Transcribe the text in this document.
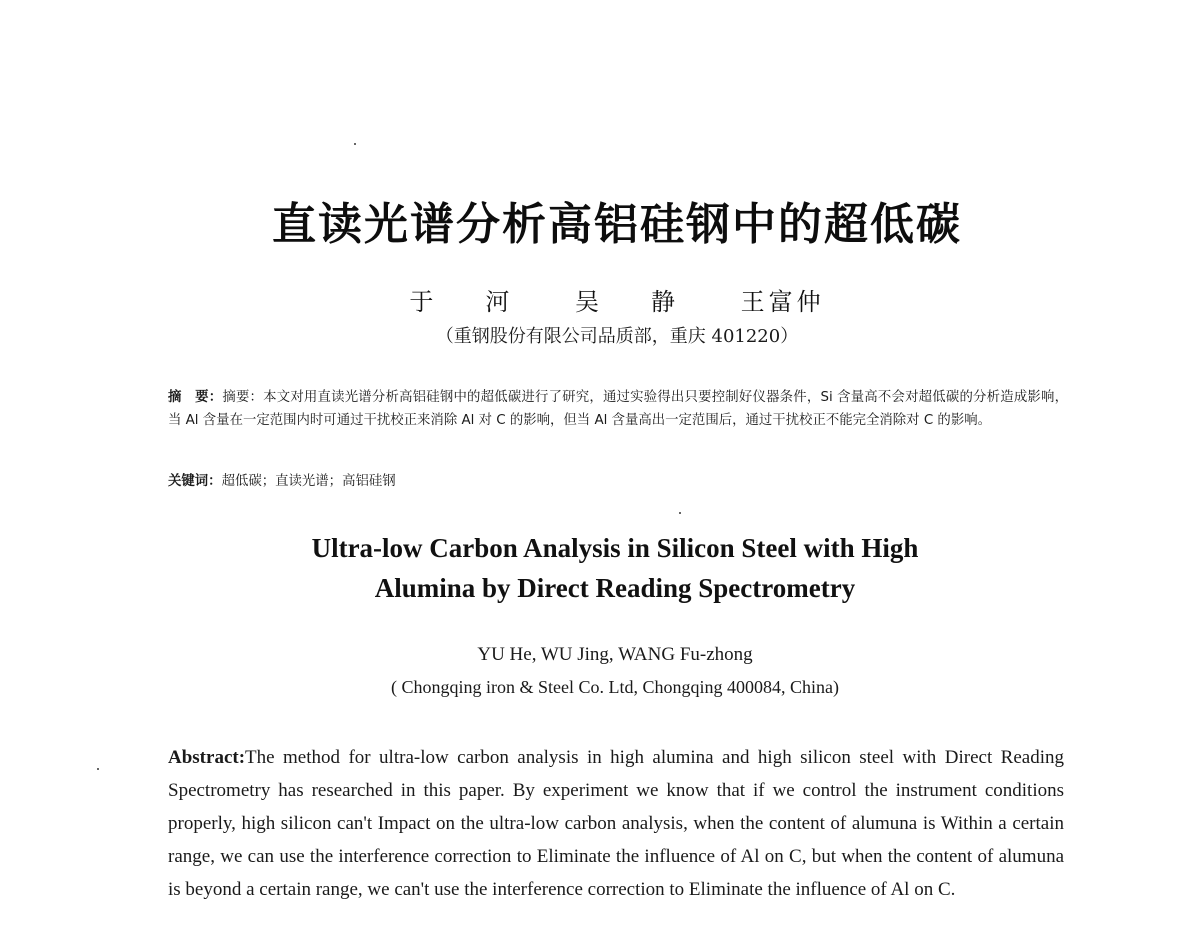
直读光谱分析高铝硅钢中的超低碳
于　河 吴　静 王富仲
（重钢股份有限公司品质部，重庆 401220）
摘　要：摘要：本文对用直读光谱分析高铝硅钢中的超低碳进行了研究，通过实验得出只要控制好仪器条件，Si 含量高不会对超低碳的分析造成影响，当 Al 含量在一定范围内时可通过干扰校正来消除 Al 对 C 的影响，但当 Al 含量高出一定范围后，通过干扰校正不能完全消除对 C 的影响。
关键词：超低碳；直读光谱；高铝硅钢
Ultra-low Carbon Analysis in Silicon Steel with High
Alumina by Direct Reading Spectrometry
YU He, WU Jing, WANG Fu-zhong
( Chongqing iron & Steel Co. Ltd, Chongqing 400084, China)
Abstract:The method for ultra-low carbon analysis in high alumina and high silicon steel with Direct Reading Spectrometry has researched in this paper. By experiment we know that if we control the instrument conditions properly, high silicon can't Impact on the ultra-low carbon analysis, when the content of alumuna is Within a certain range, we can use the interference correction to Eliminate the influence of Al on C, but when the content of alumuna is beyond a certain range, we can't use the interference correction to Eliminate the influence of Al on C.
